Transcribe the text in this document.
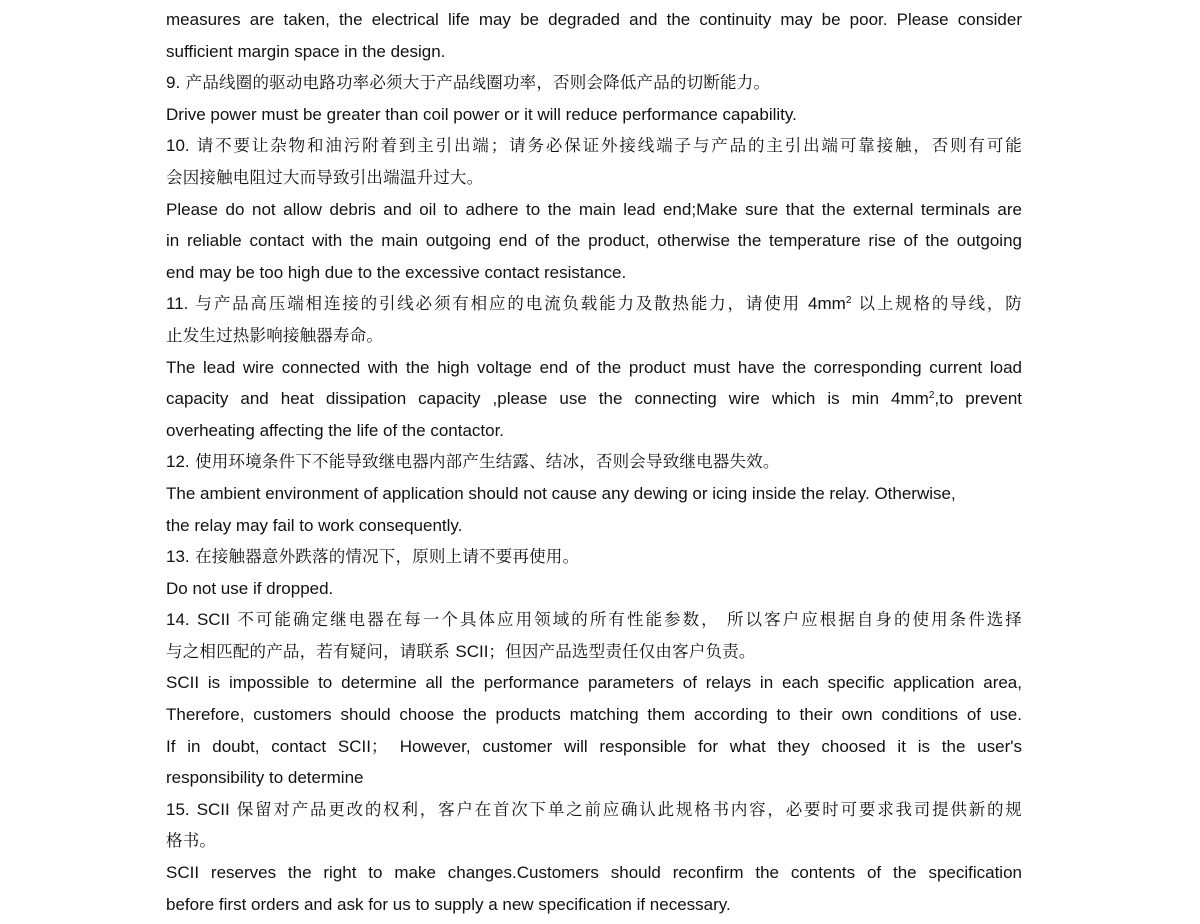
measures are taken, the electrical life may be degraded and the continuity may be poor. Please consider
sufficient margin space in the design.
9. 产品线圈的驱动电路功率必须大于产品线圈功率，否则会降低产品的切断能力。
Drive power must be greater than coil power or it will reduce performance capability.
10. 请不要让杂物和油污附着到主引出端；请务必保证外接线端子与产品的主引出端可靠接触，否则有可能
会因接触电阻过大而导致引出端温升过大。
Please do not allow debris and oil to adhere to the main lead end;Make sure that the external terminals are
in reliable contact with the main outgoing end of the product, otherwise the temperature rise of the outgoing
end may be too high due to the excessive contact resistance.
11. 与产品高压端相连接的引线必须有相应的电流负载能力及散热能力，请使用 $4mm^2$ 以上规格的导线，防
止发生过热影响接触器寿命。
The lead wire connected with the high voltage end of the product must have the corresponding current load
capacity and heat dissipation capacity ,please use the connecting wire which is $\min 4mm^2,to$ prevent
overheating affecting the life of the contactor.
12. 使用环境条件下不能导致继电器内部产生结露、结冰，否则会导致继电器失效。
The ambient environment of application should not cause any dewing or icing inside the relay. Otherwise,
the relay may fail to work consequently.
13. 在接触器意外跌落的情况下，原则上请不要再使用。
Do not use if dropped.
14. SCII 不可能确定继电器在每一个具体应用领域的所有性能参数， 所以客户应根据自身的使用条件选择
与之相匹配的产品，若有疑问，请联系 SCII；但因产品选型责任仅由客户负责。
SCII is impossible to determine all the performance parameters of relays in each specific application area,
Therefore, customers should choose the products matching them according to their own conditions of use.
If in doubt, contact SCII； However, customer will responsible for what they choosed it is the user's
responsibility to determine
15. SCII 保留对产品更改的权利，客户在首次下单之前应确认此规格书内容，必要时可要求我司提供新的规
格书。
SCII reserves the right to make changes.Customers should reconfirm the contents of the specification
before first orders and ask for us to supply a new specification if necessary.
